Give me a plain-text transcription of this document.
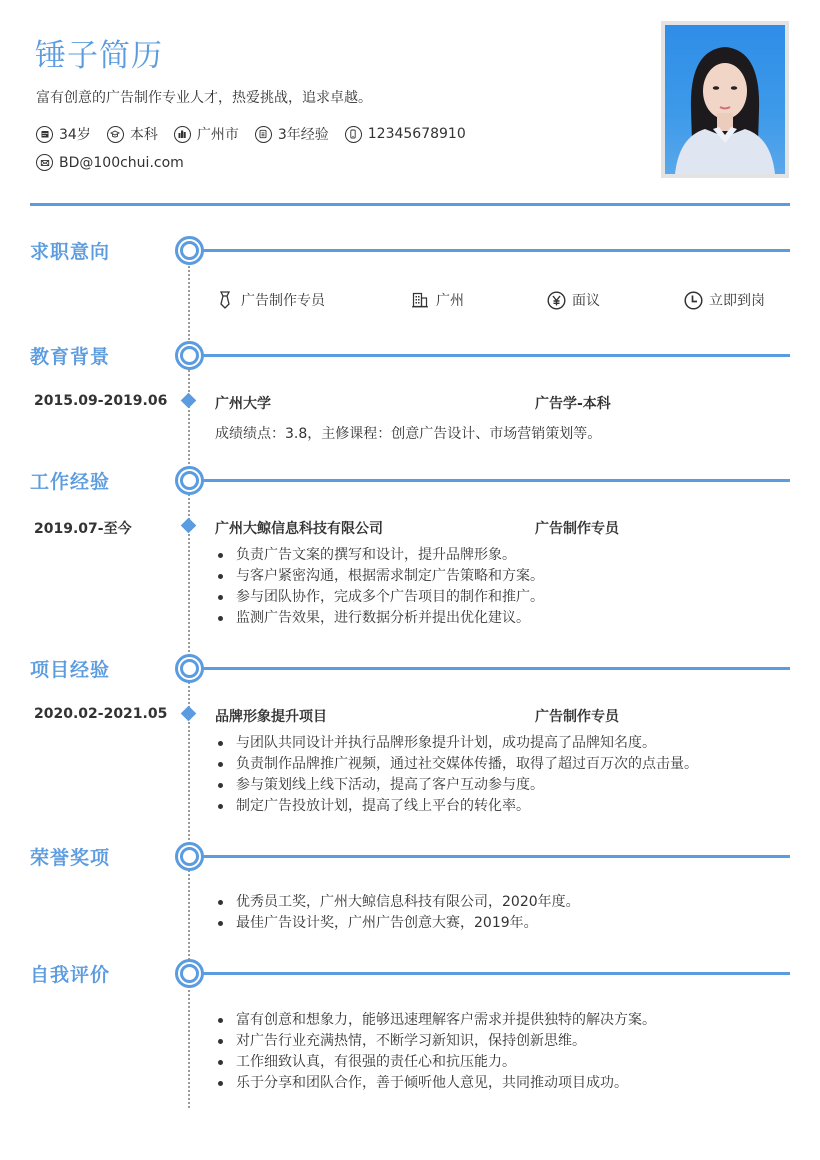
锤子简历
富有创意的广告制作专业人才，热爱挑战，追求卓越。
34岁	本科	广州市	3年经验	12345678910
BD@100chui.com
求职意向
广告制作专员	广州	面议	立即到岗
教育背景
2015.09-2019.06	广州大学	广告学-本科
成绩绩点：3.8，主修课程：创意广告设计、市场营销策划等。
工作经验
2019.07-至今	广州大鲸信息科技有限公司	广告制作专员
负责广告文案的撰写和设计，提升品牌形象。
与客户紧密沟通，根据需求制定广告策略和方案。
参与团队协作，完成多个广告项目的制作和推广。
监测广告效果，进行数据分析并提出优化建议。
项目经验
2020.02-2021.05	品牌形象提升项目	广告制作专员
与团队共同设计并执行品牌形象提升计划，成功提高了品牌知名度。
负责制作品牌推广视频，通过社交媒体传播，取得了超过百万次的点击量。
参与策划线上线下活动，提高了客户互动参与度。
制定广告投放计划，提高了线上平台的转化率。
荣誉奖项
优秀员工奖，广州大鲸信息科技有限公司，2020年度。
最佳广告设计奖，广州广告创意大赛，2019年。
自我评价
富有创意和想象力，能够迅速理解客户需求并提供独特的解决方案。
对广告行业充满热情，不断学习新知识，保持创新思维。
工作细致认真，有很强的责任心和抗压能力。
乐于分享和团队合作，善于倾听他人意见，共同推动项目成功。
